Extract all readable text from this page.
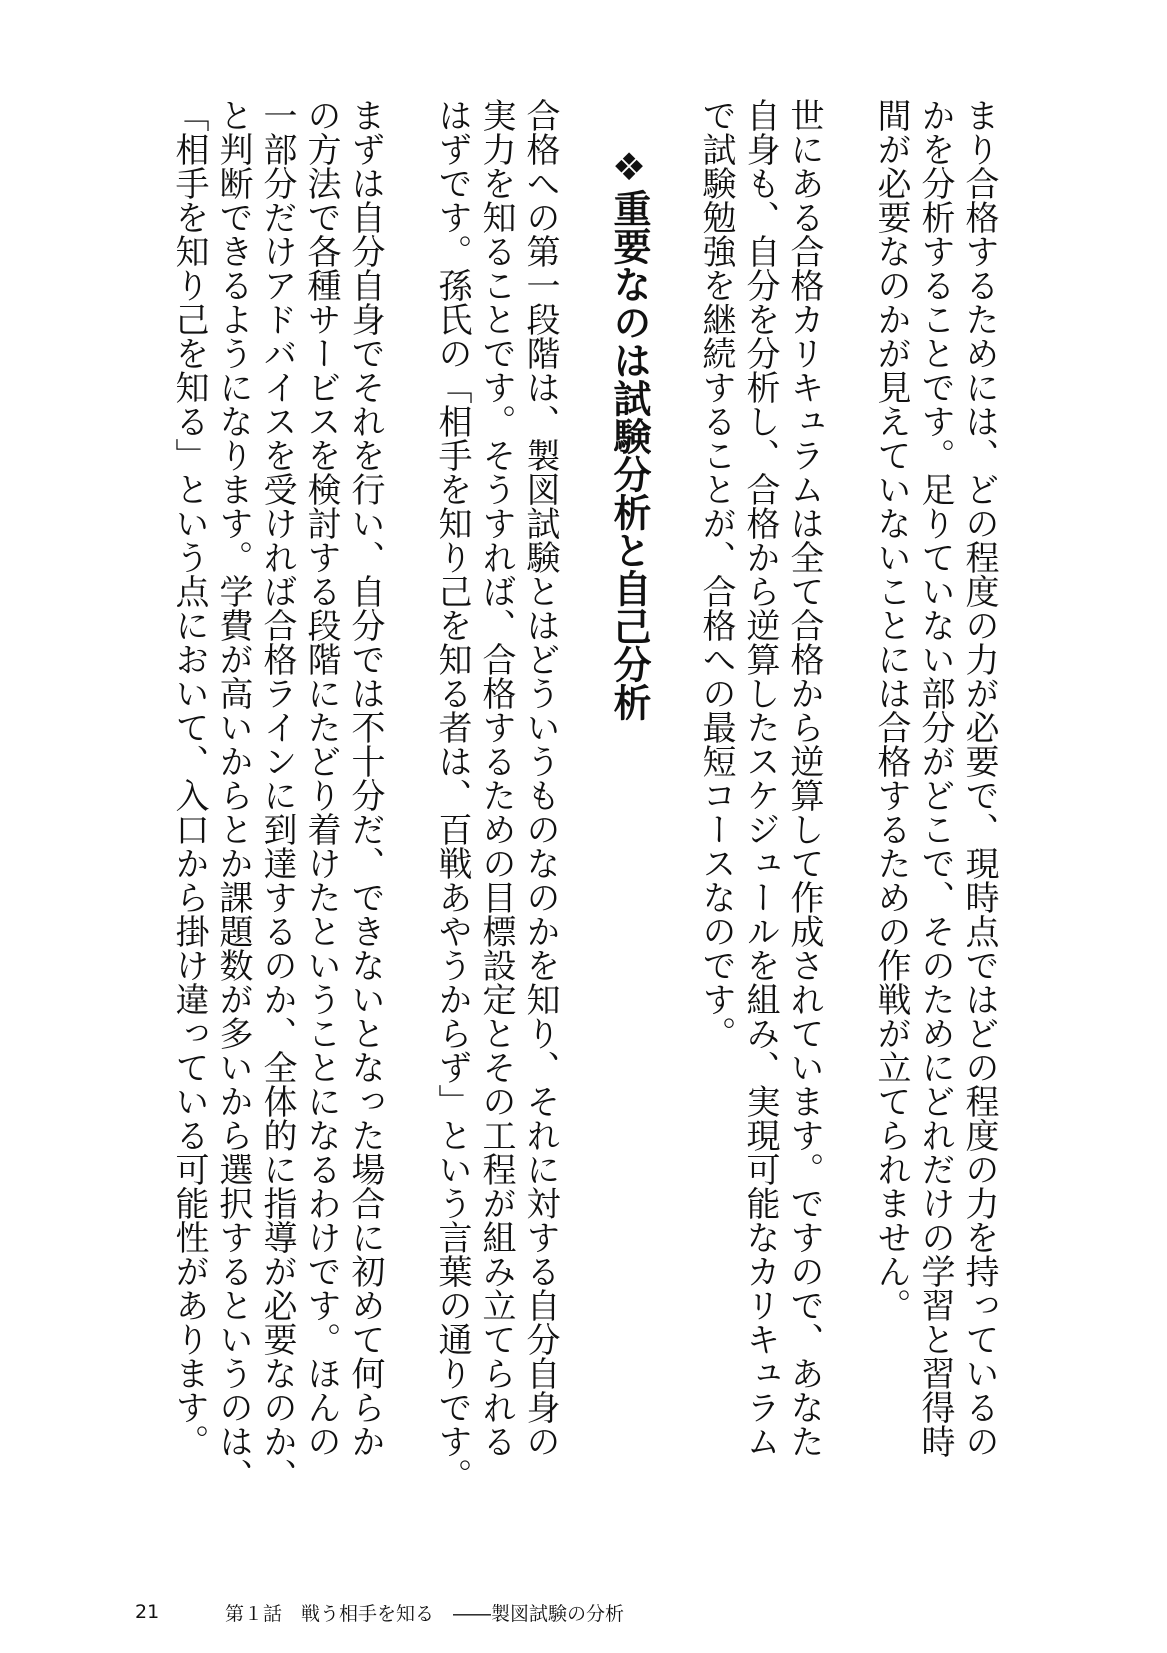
まり合格するためには、どの程度の力が必要で、現時点ではどの程度の力を持っているの

かを分析することです。足りていない部分がどこで、そのためにどれだけの学習と習得時

間が必要なのかが見えていないことには合格するための作戦が立てられません。

世にある合格カリキュラムは全て合格から逆算して作成されています。ですので、あなた

自身も、自分を分析し、合格から逆算したスケジュールを組み、実現可能なカリキュラム

で試験勉強を継続することが、合格への最短コースなのです。

❖重要なのは試験分析と自己分析

合格への第一段階は、製図試験とはどういうものなのかを知り、それに対する自分自身の

実力を知ることです。そうすれば、合格するための目標設定とその工程が組み立てられる

はずです。孫氏の「相手を知り己を知る者は、百戦あやうからず」という言葉の通りです。

まずは自分自身でそれを行い、自分では不十分だ、できないとなった場合に初めて何らか

の方法で各種サービスを検討する段階にたどり着けたということになるわけです。ほんの

一部分だけアドバイスを受ければ合格ラインに到達するのか、全体的に指導が必要なのか、

と判断できるようになります。学費が高いからとか課題数が多いから選択するというのは、

「相手を知り己を知る」という点において、入口から掛け違っている可能性があります。

21	第１話　戦う相手を知る　――製図試験の分析
